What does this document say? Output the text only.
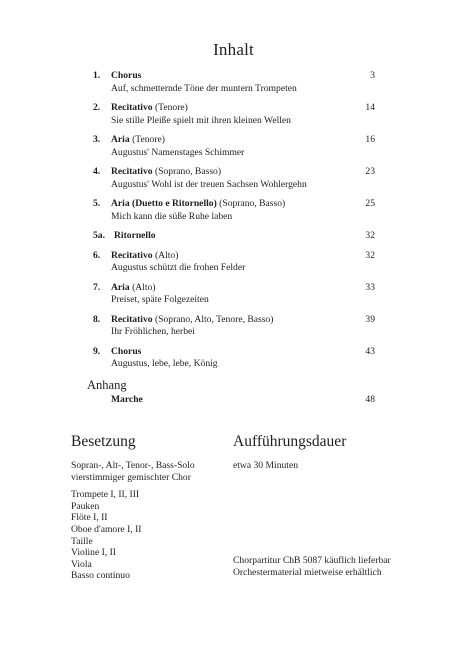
Inhalt
1.	Chorus
Auf, schmetternde Töne der muntern Trompeten
3
2.	Recitativo (Tenore)
Sie stille Pleiße spielt mit ihren kleinen Wellen
14
3.	Aria (Tenore)
Augustus' Namenstages Schimmer
16
4.	Recitativo (Soprano, Basso)
Augustus' Wohl ist der treuen Sachsen Wohlergehn
23
5.	Aria (Duetto e Ritornello) (Soprano, Basso)
Mich kann die süße Ruhe laben
25
5a. Ritornello	32
6.	Recitativo (Alto)
Augustus schützt die frohen Felder
32
7.	Aria (Alto)
Preiset, späte Folgezeiten
33
8.	Recitativo (Soprano, Alto, Tenore, Basso)
Ihr Fröhlichen, herbei
39
9.	Chorus
Augustus, lebe, lebe, König
43
Anhang
Marche	48
Besetzung
Sopran-, Alt-, Tenor-, Bass-Solo
vierstimmiger gemischter Chor
Trompete I, II, III
Pauken
Flöte I, II
Oboe d'amore I, II
Taille
Violine I, II
Viola
Basso continuo
Aufführungsdauer
etwa 30 Minuten
Chorpartitur ChB 5087 käuflich lieferbar
Orchestermaterial mietweise erhältlich
